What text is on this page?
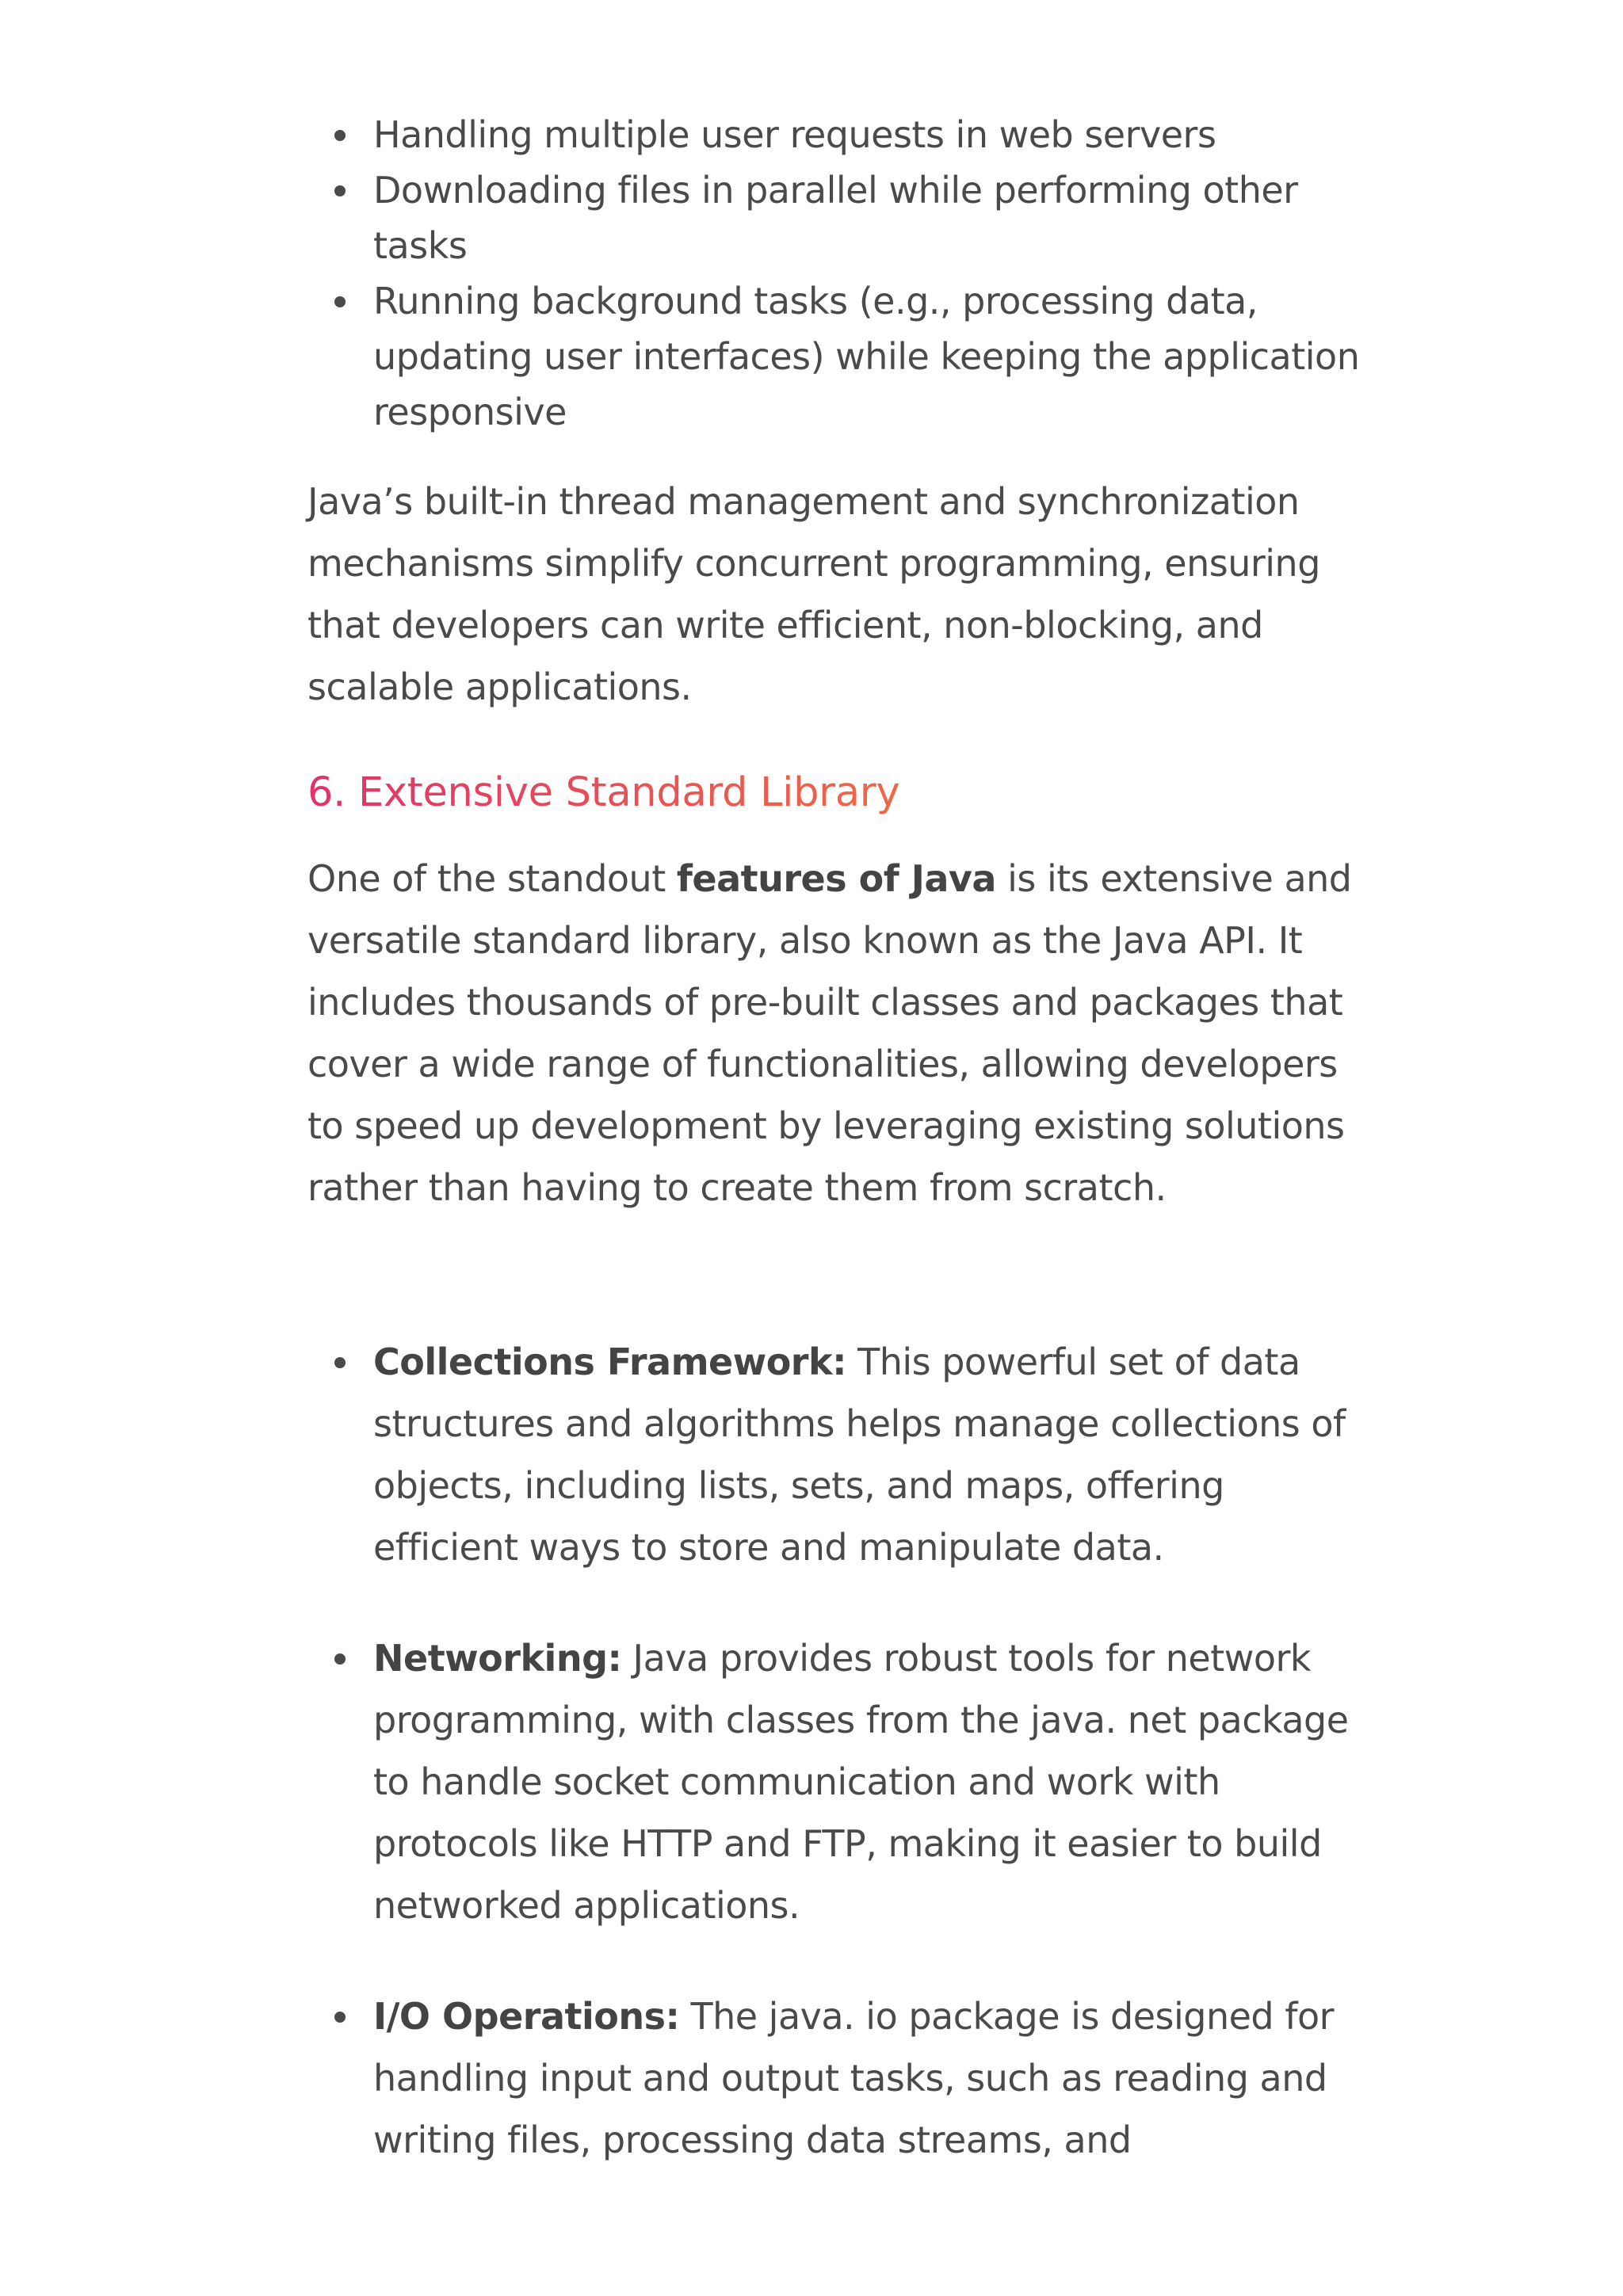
Handling multiple user requests in web servers
Downloading files in parallel while performing other tasks
Running background tasks (e.g., processing data, updating user interfaces) while keeping the application responsive

Java’s built-in thread management and synchronization mechanisms simplify concurrent programming, ensuring that developers can write efficient, non-blocking, and scalable applications.

6. Extensive Standard Library

One of the standout features of Java is its extensive and versatile standard library, also known as the Java API. It includes thousands of pre-built classes and packages that cover a wide range of functionalities, allowing developers to speed up development by leveraging existing solutions rather than having to create them from scratch.

Collections Framework: This powerful set of data structures and algorithms helps manage collections of objects, including lists, sets, and maps, offering efficient ways to store and manipulate data.
Networking: Java provides robust tools for network programming, with classes from the java. net package to handle socket communication and work with protocols like HTTP and FTP, making it easier to build networked applications.
I/O Operations: The java. io package is designed for handling input and output tasks, such as reading and writing files, processing data streams, and
